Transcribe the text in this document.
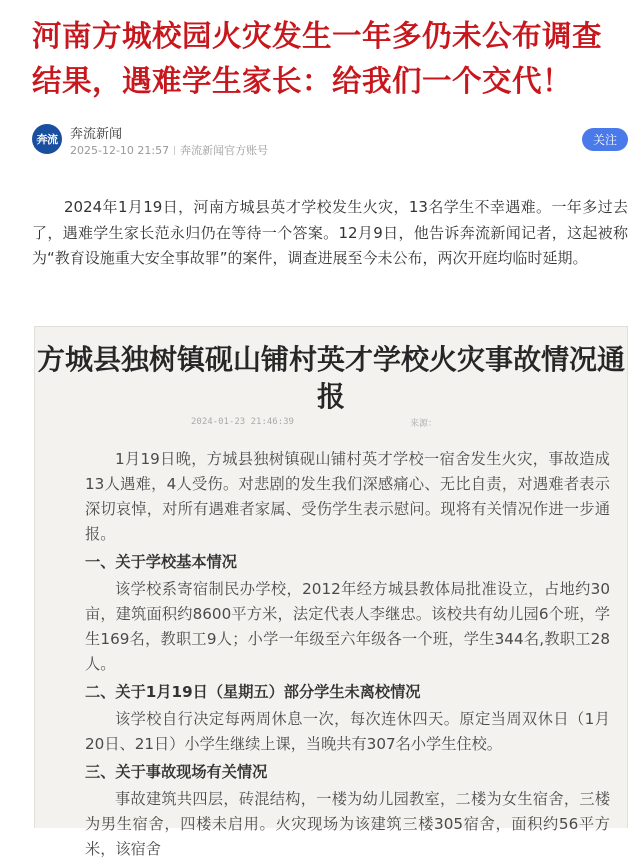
河南方城校园火灾发生一年多仍未公布调查结果，遇难学生家长：给我们一个交代！
奔流 奔流新闻
2025-12-10 21:57 奔流新闻官方账号
关注

2024年1月19日，河南方城县英才学校发生火灾，13名学生不幸遇难。一年多过去了，遇难学生家长范永归仍在等待一个答案。12月9日，他告诉奔流新闻记者，这起被称为“教育设施重大安全事故罪”的案件，调查进展至今未公布，两次开庭均临时延期。

方城县独树镇砚山铺村英才学校火灾事故情况通报
2024-01-23 21:46:39	来源：

1月19日晚，方城县独树镇砚山铺村英才学校一宿舍发生火灾，事故造成13人遇难，4人受伤。对悲剧的发生我们深感痛心、无比自责，对遇难者表示深切哀悼，对所有遇难者家属、受伤学生表示慰问。现将有关情况作进一步通报。

一、关于学校基本情况

该学校系寄宿制民办学校，2012年经方城县教体局批准设立，占地约30亩，建筑面积约8600平方米，法定代表人李继忠。该校共有幼儿园6个班，学生169名，教职工9人；小学一年级至六年级各一个班，学生344名,教职工28人。

二、关于1月19日（星期五）部分学生未离校情况

该学校自行决定每两周休息一次，每次连休四天。原定当周双休日（1月20日、21日）小学生继续上课，当晚共有307名小学生住校。

三、关于事故现场有关情况

事故建筑共四层，砖混结构，一楼为幼儿园教室，二楼为女生宿舍，三楼为男生宿舍，四楼未启用。火灾现场为该建筑三楼305宿舍，面积约56平方米，该宿舍
